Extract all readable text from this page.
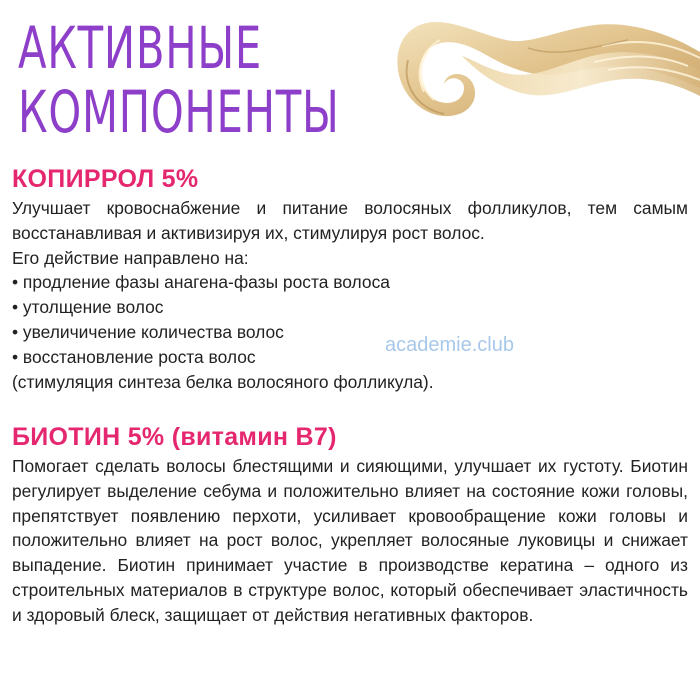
АКТИВНЫЕ
КОМПОНЕНТЫ
КОПИРРОЛ 5%
Улучшает кровоснабжение и питание волосяных фолликулов, тем самым восстанавливая и активизируя их, стимулируя рост волос.
Его действие направлено на:
• продление фазы анагена-фазы роста волоса
• утолщение волос
• увеличичение количества волос
• восстановление роста волос
(стимуляция синтеза белка волосяного фолликула).
academie.club
БИОТИН 5% (витамин В7)
Помогает сделать волосы блестящими и сияющими, улучшает их густоту. Биотин регулирует выделение себума и положительно влияет на состояние кожи головы, препятствует появлению перхоти, усиливает кровообращение кожи головы и положительно влияет на рост волос, укрепляет волосяные луковицы и снижает выпадение. Биотин принимает участие в производстве кератина – одного из строительных материалов в структуре волос, который обеспечивает эластичность и здоровый блеск, защищает от действия негативных факторов.
